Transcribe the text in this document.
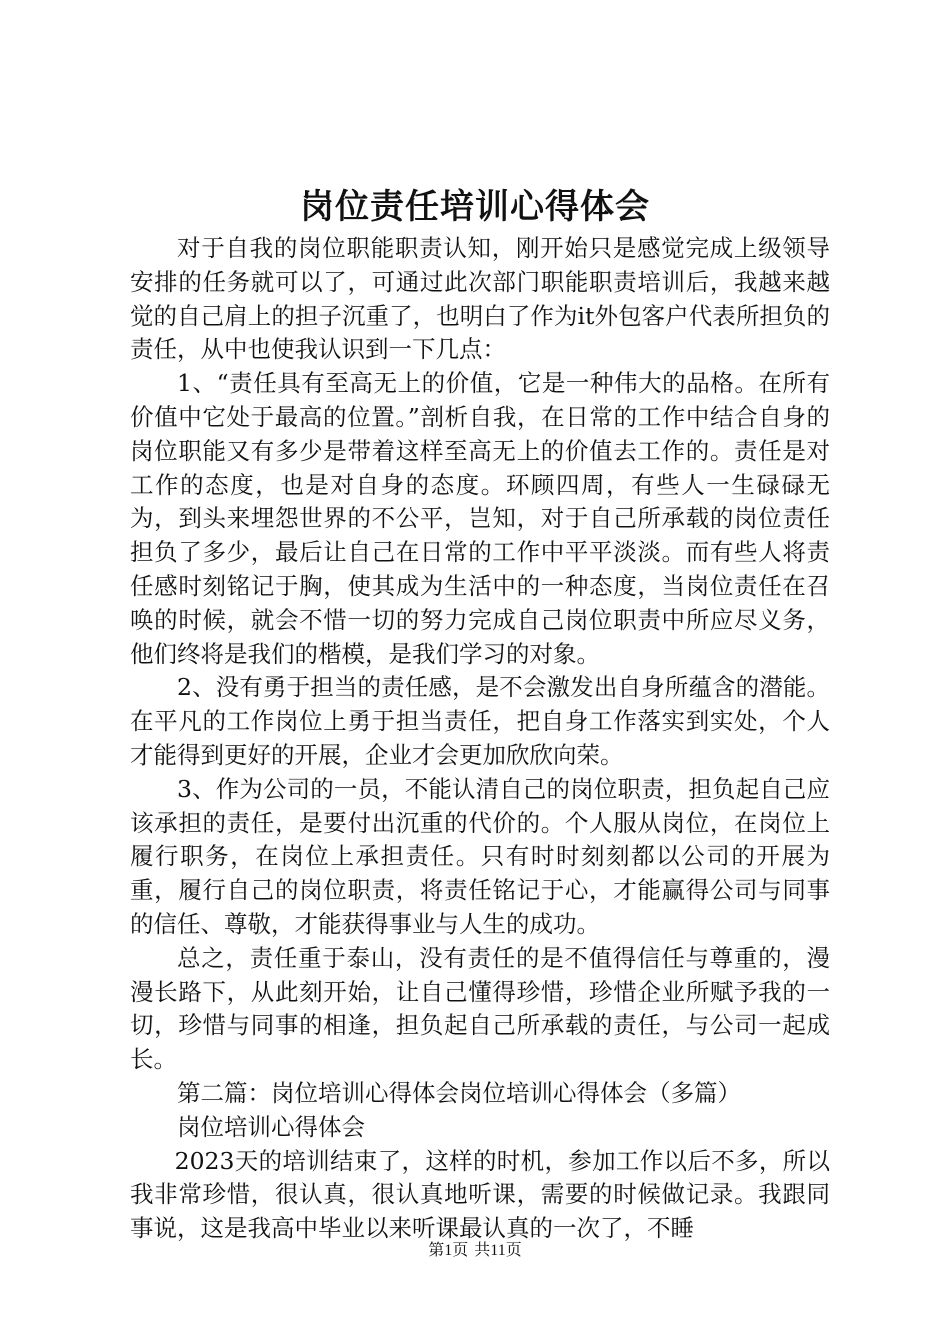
岗位责任培训心得体会

对于自我的岗位职能职责认知，刚开始只是感觉完成上级领导安排的任务就可以了，可通过此次部门职能职责培训后，我越来越觉的自己肩上的担子沉重了，也明白了作为it外包客户代表所担负的责任，从中也使我认识到一下几点：

1、“责任具有至高无上的价值，它是一种伟大的品格。在所有价值中它处于最高的位置。”剖析自我，在日常的工作中结合自身的岗位职能又有多少是带着这样至高无上的价值去工作的。责任是对工作的态度，也是对自身的态度。环顾四周，有些人一生碌碌无为，到头来埋怨世界的不公平，岂知，对于自己所承载的岗位责任担负了多少，最后让自己在日常的工作中平平淡淡。而有些人将责任感时刻铭记于胸，使其成为生活中的一种态度，当岗位责任在召唤的时候，就会不惜一切的努力完成自己岗位职责中所应尽义务，他们终将是我们的楷模，是我们学习的对象。

2、没有勇于担当的责任感，是不会激发出自身所蕴含的潜能。在平凡的工作岗位上勇于担当责任，把自身工作落实到实处，个人才能得到更好的开展，企业才会更加欣欣向荣。

3、作为公司的一员，不能认清自己的岗位职责，担负起自己应该承担的责任，是要付出沉重的代价的。个人服从岗位，在岗位上履行职务，在岗位上承担责任。只有时时刻刻都以公司的开展为重，履行自己的岗位职责，将责任铭记于心，才能赢得公司与同事的信任、尊敬，才能获得事业与人生的成功。

总之，责任重于泰山，没有责任的是不值得信任与尊重的，漫漫长路下，从此刻开始，让自己懂得珍惜，珍惜企业所赋予我的一切，珍惜与同事的相逢，担负起自己所承载的责任，与公司一起成长。

第二篇：岗位培训心得体会岗位培训心得体会（多篇）

岗位培训心得体会

2023天的培训结束了，这样的时机，参加工作以后不多，所以我非常珍惜，很认真，很认真地听课，需要的时候做记录。我跟同事说，这是我高中毕业以来听课最认真的一次了，不睡

第1页 共11页
